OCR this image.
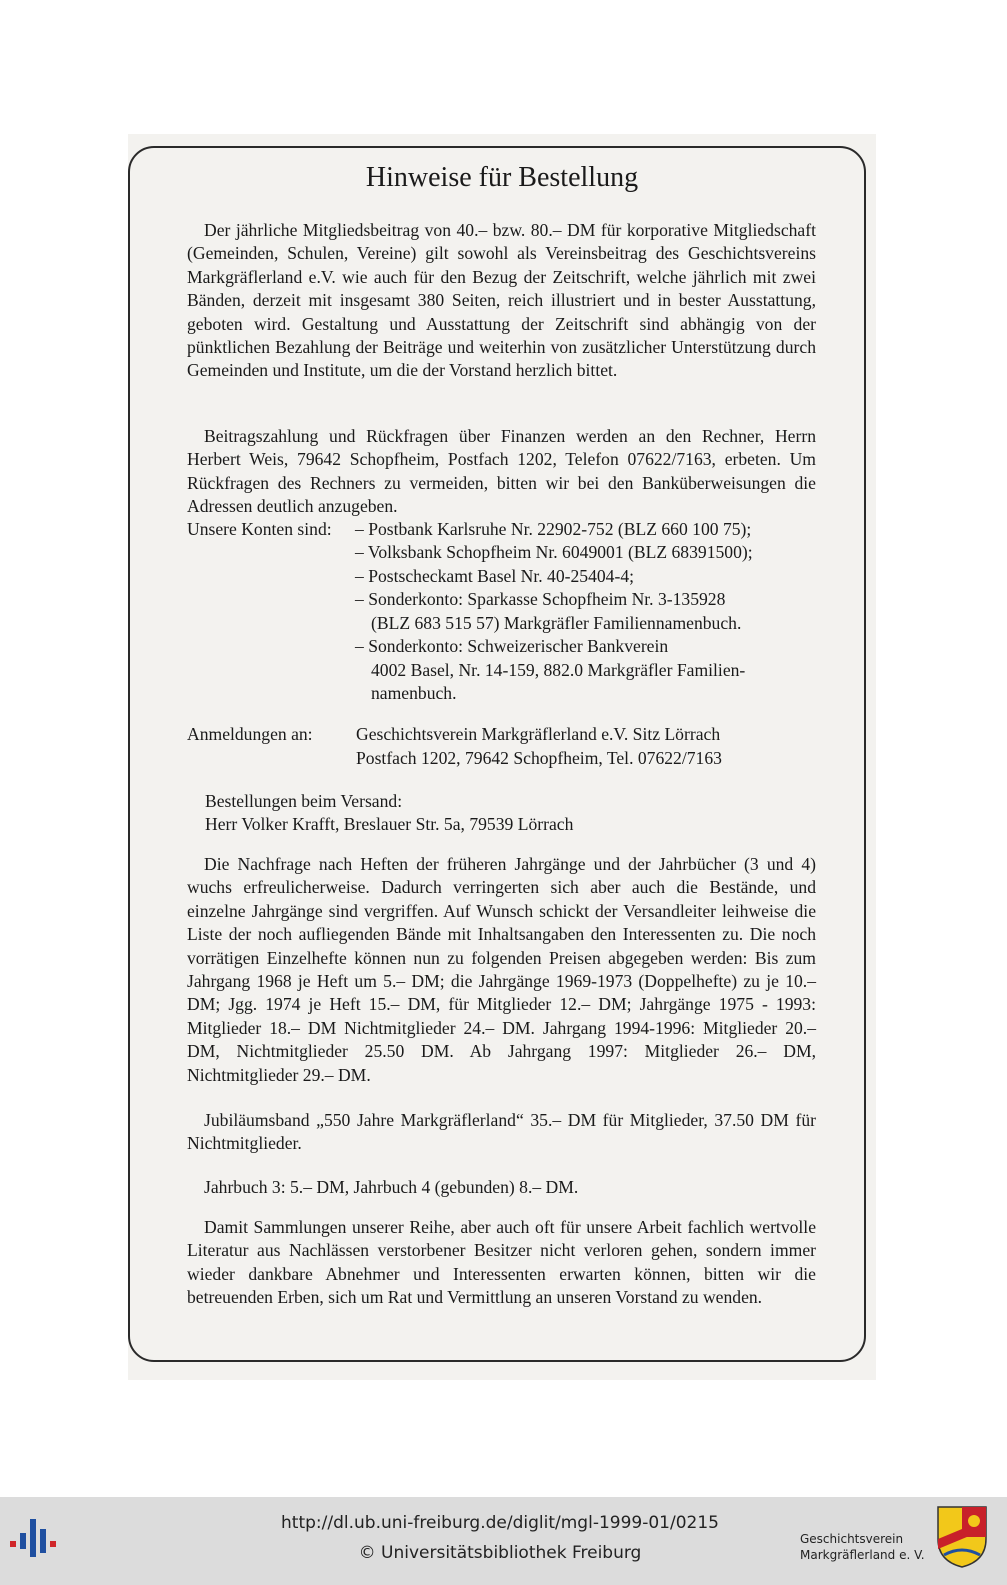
Hinweise für Bestellung

Der jährliche Mitgliedsbeitrag von 40.– bzw. 80.– DM für korporative Mitgliedschaft (Gemeinden, Schulen, Vereine) gilt sowohl als Vereinsbeitrag des Geschichtsvereins Markgräflerland e.V. wie auch für den Bezug der Zeitschrift, welche jährlich mit zwei Bänden, derzeit mit insgesamt 380 Seiten, reich illustriert und in bester Ausstattung, geboten wird. Gestaltung und Ausstattung der Zeitschrift sind abhängig von der pünktlichen Bezahlung der Beiträge und weiterhin von zusätzlicher Unterstützung durch Gemeinden und Institute, um die der Vorstand herzlich bittet.

Beitragszahlung und Rückfragen über Finanzen werden an den Rechner, Herrn Herbert Weis, 79642 Schopfheim, Postfach 1202, Telefon 07622/7163, erbeten. Um Rückfragen des Rechners zu vermeiden, bitten wir bei den Banküberweisungen die Adressen deutlich anzugeben.

Unsere Konten sind: – Postbank Karlsruhe Nr. 22902-752 (BLZ 660 100 75);

– Volksbank Schopfheim Nr. 6049001 (BLZ 68391500);

– Postscheckamt Basel Nr. 40-25404-4;

– Sonderkonto: Sparkasse Schopfheim Nr. 3-135928

(BLZ 683 515 57) Markgräfler Familiennamenbuch.

– Sonderkonto: Schweizerischer Bankverein

4002 Basel, Nr. 14-159, 882.0 Markgräfler Familien-

namenbuch.

Anmeldungen an: Geschichtsverein Markgräflerland e.V. Sitz Lörrach

Postfach 1202, 79642 Schopfheim, Tel. 07622/7163

Bestellungen beim Versand:

Herr Volker Krafft, Breslauer Str. 5a, 79539 Lörrach

Die Nachfrage nach Heften der früheren Jahrgänge und der Jahrbücher (3 und 4) wuchs erfreulicherweise. Dadurch verringerten sich aber auch die Bestände, und einzelne Jahrgänge sind vergriffen. Auf Wunsch schickt der Versandleiter leihweise die Liste der noch aufliegenden Bände mit Inhaltsangaben den Interessenten zu. Die noch vorrätigen Einzelhefte können nun zu folgenden Preisen abgegeben werden: Bis zum Jahrgang 1968 je Heft um 5.– DM; die Jahrgänge 1969-1973 (Doppelhefte) zu je 10.– DM; Jgg. 1974 je Heft 15.– DM, für Mitglieder 12.– DM; Jahrgänge 1975 - 1993: Mitglieder 18.– DM Nichtmitglieder 24.– DM. Jahrgang 1994-1996: Mitglieder 20.– DM, Nichtmitglieder 25.50 DM. Ab Jahrgang 1997: Mitglieder 26.– DM, Nichtmitglieder 29.– DM.

Jubiläumsband „550 Jahre Markgräflerland“ 35.– DM für Mitglieder, 37.50 DM für Nichtmitglieder.

Jahrbuch 3: 5.– DM, Jahrbuch 4 (gebunden) 8.– DM.

Damit Sammlungen unserer Reihe, aber auch oft für unsere Arbeit fachlich wertvolle Literatur aus Nachlässen verstorbener Besitzer nicht verloren gehen, sondern immer wieder dankbare Abnehmer und Interessenten erwarten können, bitten wir die betreuenden Erben, sich um Rat und Vermittlung an unseren Vorstand zu wenden.

http://dl.ub.uni-freiburg.de/diglit/mgl-1999-01/0215
© Universitätsbibliothek Freiburg
Geschichtsverein
Markgräflerland e. V.
